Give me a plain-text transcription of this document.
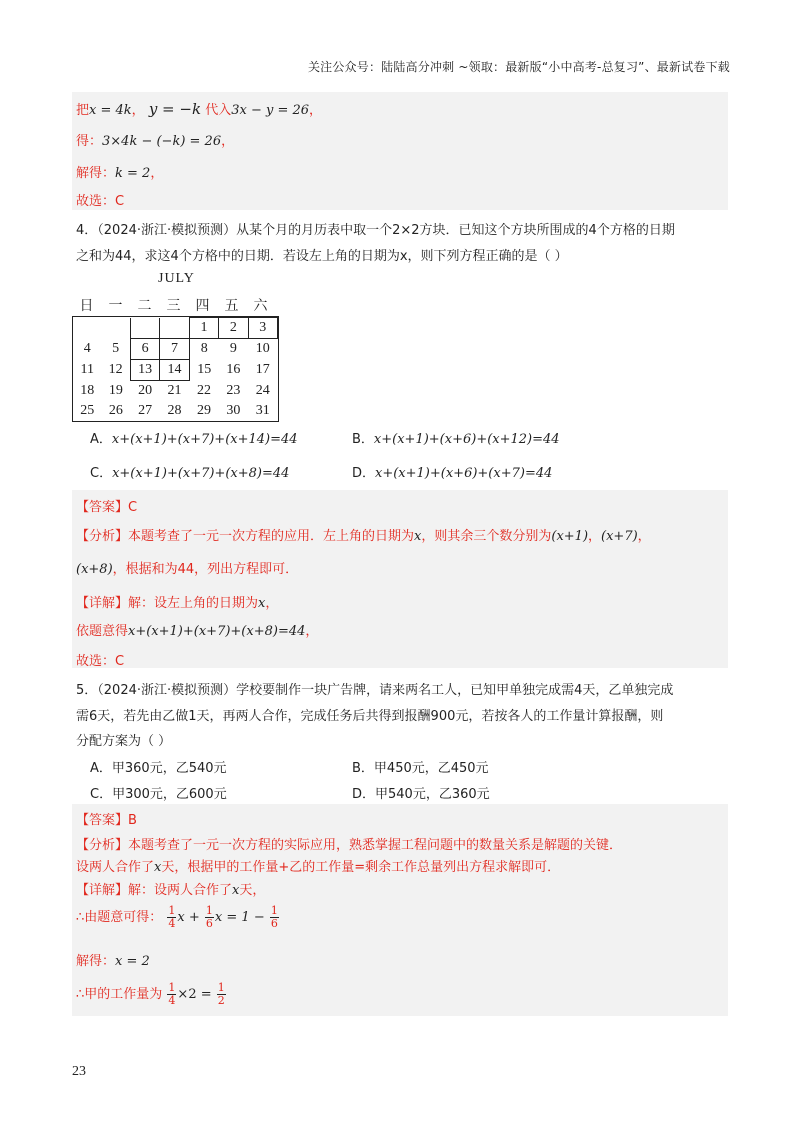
关注公众号：陆陆高分冲刺 ~领取：最新版“小中高考-总复习”、最新试卷下载
把x = 4k， y = −k 代入3x − y = 26，
得：3×4k − (−k) = 26，
解得：k = 2，
故选：C
4．（2024·浙江·模拟预测）从某个月的月历表中取一个2×2方块．已知这个方块所围成的4个方格的日期
之和为44，求这4个方格中的日期．若设左上角的日期为x，则下列方程正确的是（ ）
JULY
日	一	二	三	四	五	六
				1	2	3
4	5	6	7	8	9	10
11	12	13	14	15	16	17
18	19	20	21	22	23	24
25	26	27	28	29	30	31
A．x+(x+1)+(x+7)+(x+14)=44	B．x+(x+1)+(x+6)+(x+12)=44
C．x+(x+1)+(x+7)+(x+8)=44	D．x+(x+1)+(x+6)+(x+7)=44
【答案】C
【分析】本题考查了一元一次方程的应用．左上角的日期为x，则其余三个数分别为(x+1)，(x+7)，
(x+8)，根据和为44，列出方程即可．
【详解】解：设左上角的日期为x，
依题意得x+(x+1)+(x+7)+(x+8)=44，
故选：C
5．（2024·浙江·模拟预测）学校要制作一块广告牌，请来两名工人，已知甲单独完成需4天，乙单独完成
需6天，若先由乙做1天，再两人合作，完成任务后共得到报酬900元，若按各人的工作量计算报酬，则
分配方案为（ ）
A．甲360元，乙540元	B．甲450元，乙450元
C．甲300元，乙600元	D．甲540元，乙360元
【答案】B
【分析】本题考查了一元一次方程的实际应用，熟悉掌握工程问题中的数量关系是解题的关键．
设两人合作了x天，根据甲的工作量+乙的工作量=剩余工作总量列出方程求解即可．
【详解】解：设两人合作了x天，
∴由题意可得： $\frac{1}{4}$ $x + \frac{1}{6}$ $x = 1 - \frac{1}{6}$
解得：x = 2
∴甲的工作量为 $\frac{1}{4} \times 2 = \frac{1}{2}$
23
